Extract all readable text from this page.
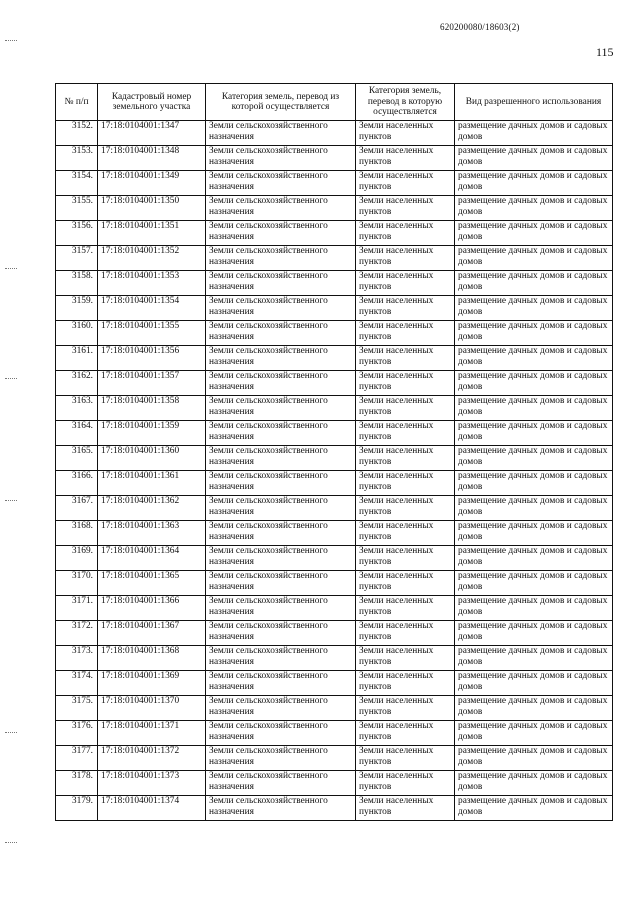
620200080/18603(2)
115
№ п/п	Кадастровый номер земельного участка	Категория земель, перевод из которой осуществляется	Категория земель, перевод в которую осуществляется	Вид разрешенного использования
3152.	17:18:0104001:1347	Земли сельскохозяйственного назначения	Земли населенных пунктов	размещение дачных домов и садовых домов
3153.	17:18:0104001:1348	Земли сельскохозяйственного назначения	Земли населенных пунктов	размещение дачных домов и садовых домов
3154.	17:18:0104001:1349	Земли сельскохозяйственного назначения	Земли населенных пунктов	размещение дачных домов и садовых домов
3155.	17:18:0104001:1350	Земли сельскохозяйственного назначения	Земли населенных пунктов	размещение дачных домов и садовых домов
3156.	17:18:0104001:1351	Земли сельскохозяйственного назначения	Земли населенных пунктов	размещение дачных домов и садовых домов
3157.	17:18:0104001:1352	Земли сельскохозяйственного назначения	Земли населенных пунктов	размещение дачных домов и садовых домов
3158.	17:18:0104001:1353	Земли сельскохозяйственного назначения	Земли населенных пунктов	размещение дачных домов и садовых домов
3159.	17:18:0104001:1354	Земли сельскохозяйственного назначения	Земли населенных пунктов	размещение дачных домов и садовых домов
3160.	17:18:0104001:1355	Земли сельскохозяйственного назначения	Земли населенных пунктов	размещение дачных домов и садовых домов
3161.	17:18:0104001:1356	Земли сельскохозяйственного назначения	Земли населенных пунктов	размещение дачных домов и садовых домов
3162.	17:18:0104001:1357	Земли сельскохозяйственного назначения	Земли населенных пунктов	размещение дачных домов и садовых домов
3163.	17:18:0104001:1358	Земли сельскохозяйственного назначения	Земли населенных пунктов	размещение дачных домов и садовых домов
3164.	17:18:0104001:1359	Земли сельскохозяйственного назначения	Земли населенных пунктов	размещение дачных домов и садовых домов
3165.	17:18:0104001:1360	Земли сельскохозяйственного назначения	Земли населенных пунктов	размещение дачных домов и садовых домов
3166.	17:18:0104001:1361	Земли сельскохозяйственного назначения	Земли населенных пунктов	размещение дачных домов и садовых домов
3167.	17:18:0104001:1362	Земли сельскохозяйственного назначения	Земли населенных пунктов	размещение дачных домов и садовых домов
3168.	17:18:0104001:1363	Земли сельскохозяйственного назначения	Земли населенных пунктов	размещение дачных домов и садовых домов
3169.	17:18:0104001:1364	Земли сельскохозяйственного назначения	Земли населенных пунктов	размещение дачных домов и садовых домов
3170.	17:18:0104001:1365	Земли сельскохозяйственного назначения	Земли населенных пунктов	размещение дачных домов и садовых домов
3171.	17:18:0104001:1366	Земли сельскохозяйственного назначения	Земли населенных пунктов	размещение дачных домов и садовых домов
3172.	17:18:0104001:1367	Земли сельскохозяйственного назначения	Земли населенных пунктов	размещение дачных домов и садовых домов
3173.	17:18:0104001:1368	Земли сельскохозяйственного назначения	Земли населенных пунктов	размещение дачных домов и садовых домов
3174.	17:18:0104001:1369	Земли сельскохозяйственного назначения	Земли населенных пунктов	размещение дачных домов и садовых домов
3175.	17:18:0104001:1370	Земли сельскохозяйственного назначения	Земли населенных пунктов	размещение дачных домов и садовых домов
3176.	17:18:0104001:1371	Земли сельскохозяйственного назначения	Земли населенных пунктов	размещение дачных домов и садовых домов
3177.	17:18:0104001:1372	Земли сельскохозяйственного назначения	Земли населенных пунктов	размещение дачных домов и садовых домов
3178.	17:18:0104001:1373	Земли сельскохозяйственного назначения	Земли населенных пунктов	размещение дачных домов и садовых домов
3179.	17:18:0104001:1374	Земли сельскохозяйственного назначения	Земли населенных пунктов	размещение дачных домов и садовых домов
